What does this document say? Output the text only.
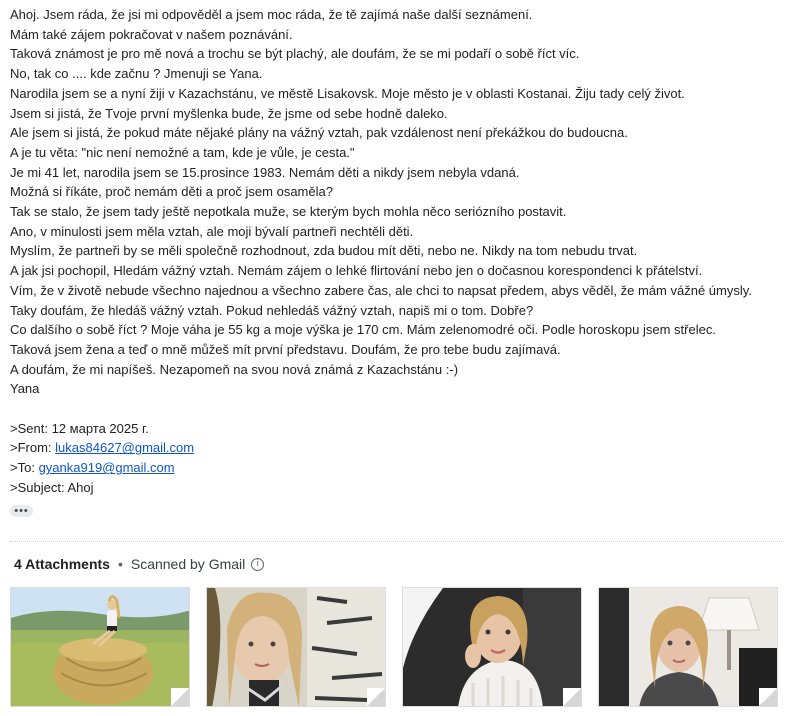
Ahoj. Jsem ráda, že jsi mi odpověděl a jsem moc ráda, že tě zajímá naše další seznámení.
Mám také zájem pokračovat v našem poznávání.
Taková známost je pro mě nová a trochu se být plachý, ale doufám, že se mi podaří o sobě říct víc.
No, tak co .... kde začnu ? Jmenuji se Yana.
Narodila jsem se a nyní žiji v Kazachstánu, ve městě Lisakovsk. Moje město je v oblasti Kostanai. Žiju tady celý život.
Jsem si jistá, že Tvoje první myšlenka bude, že jsme od sebe hodně daleko.
Ale jsem si jistá, že pokud máte nějaké plány na vážný vztah, pak vzdálenost není překážkou do budoucna.
A je tu věta: "nic není nemožné a tam, kde je vůle, je cesta."
Je mi 41 let, narodila jsem se 15.prosince 1983. Nemám děti a nikdy jsem nebyla vdaná.
Možná si říkáte, proč nemám děti a proč jsem osaměla?
Tak se stalo, že jsem tady ještě nepotkala muže, se kterým bych mohla něco seriózního postavit.
Ano, v minulosti jsem měla vztah, ale moji bývalí partneři nechtěli děti.
Myslím, že partneři by se měli společně rozhodnout, zda budou mít děti, nebo ne. Nikdy na tom nebudu trvat.
A jak jsi pochopil, Hledám vážný vztah. Nemám zájem o lehké flirtování nebo jen o dočasnou korespondenci k přátelství.
Vím, že v životě nebude všechno najednou a všechno zabere čas, ale chci to napsat předem, abys věděl, že mám vážné úmysly.
Taky doufám, že hledáš vážný vztah. Pokud nehledáš vážný vztah, napiš mi o tom. Dobře?
Co dalšího o sobě říct ? Moje váha je 55 kg a moje výška je 170 cm. Mám zelenomodré oči. Podle horoskopu jsem střelec.
Taková jsem žena a teď o mně můžeš mít první představu. Doufám, že pro tebe budu zajímavá.
A doufám, že mi napíšeš. Nezapomeň na svou nová známá z Kazachstánu :-)
Yana
>Sent: 12 марта 2025 г.
>From: lukas84627@gmail.com
>To: gyanka919@gmail.com
>Subject: Ahoj
•••
4 Attachments • Scanned by Gmail	i
